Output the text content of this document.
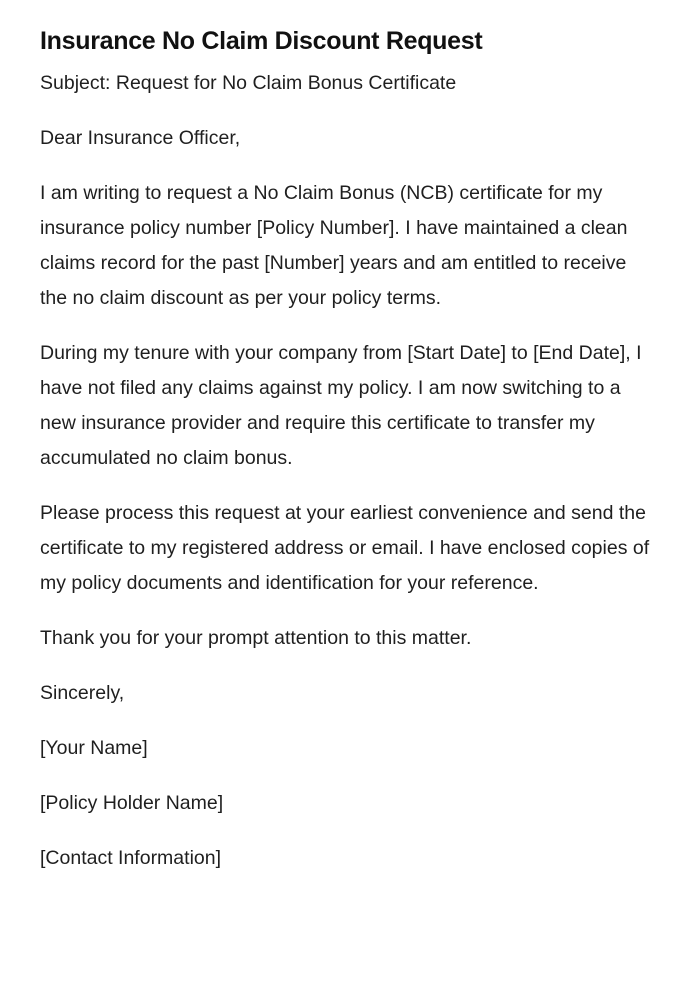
Insurance No Claim Discount Request

Subject: Request for No Claim Bonus Certificate

Dear Insurance Officer,

I am writing to request a No Claim Bonus (NCB) certificate for my insurance policy number [Policy Number]. I have maintained a clean claims record for the past [Number] years and am entitled to receive the no claim discount as per your policy terms.

During my tenure with your company from [Start Date] to [End Date], I have not filed any claims against my policy. I am now switching to a new insurance provider and require this certificate to transfer my accumulated no claim bonus.

Please process this request at your earliest convenience and send the certificate to my registered address or email. I have enclosed copies of my policy documents and identification for your reference.

Thank you for your prompt attention to this matter.

Sincerely,

[Your Name]

[Policy Holder Name]

[Contact Information]
